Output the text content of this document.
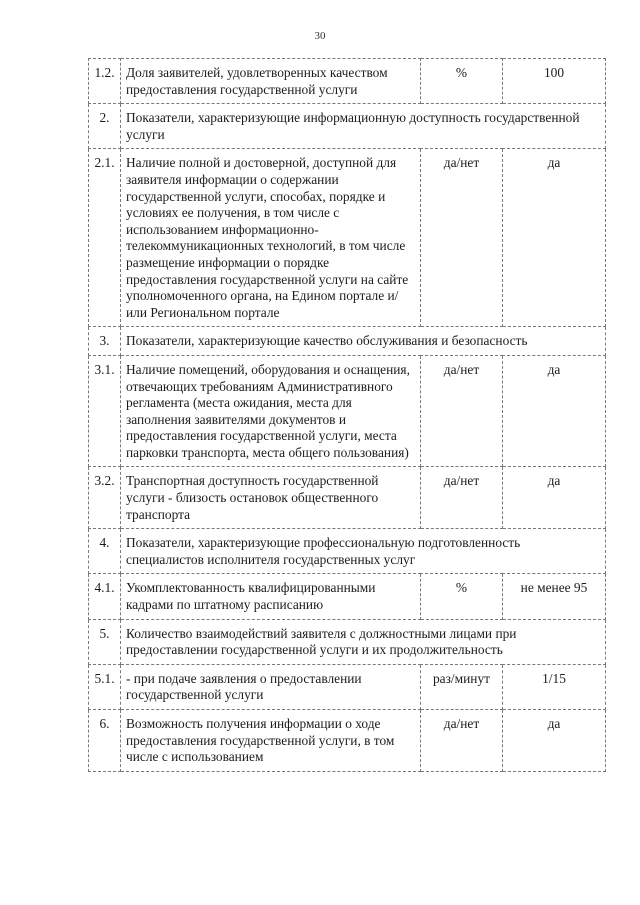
30
1.2.	Доля заявителей, удовлетворенных качеством предоставления государственной услуги	%	100
2.	Показатели, характеризующие информационную доступность государственной услуги		
2.1.	Наличие полной и достоверной, доступной для заявителя информации о содержании государственной услуги, способах, порядке и условиях ее получения, в том числе с использованием информационно-телекоммуникационных технологий, в том числе размещение информации о порядке предоставления государственной услуги на сайте уполномоченного органа, на Едином портале и/или Региональном портале	да/нет	да
3.	Показатели, характеризующие качество обслуживания и безопасность		
3.1.	Наличие помещений, оборудования и оснащения, отвечающих требованиям Административного регламента (места ожидания, места для заполнения заявителями документов и предоставления государственной услуги, места парковки транспорта, места общего пользования)	да/нет	да
3.2.	Транспортная доступность государственной услуги - близость остановок общественного транспорта	да/нет	да
4.	Показатели, характеризующие профессиональную подготовленность специалистов исполнителя государственных услуг		
4.1.	Укомплектованность квалифицированными кадрами по штатному расписанию	%	не менее 95
5.	Количество взаимодействий заявителя с должностными лицами при предоставлении государственной услуги и их продолжительность		
5.1.	- при подаче заявления о предоставлении государственной услуги	раз/минут	1/15
6.	Возможность получения информации о ходе предоставления государственной услуги, в том числе с использованием	да/нет	да
